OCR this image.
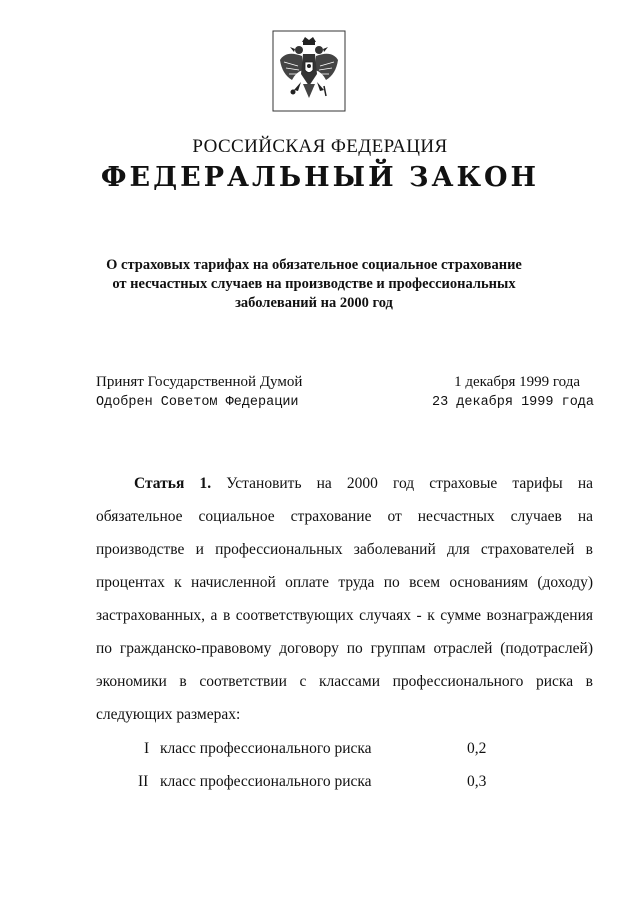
РОССИЙСКАЯ ФЕДЕРАЦИЯ
ФЕДЕРАЛЬНЫЙ ЗАКОН
О страховых тарифах на обязательное социальное страхование
от несчастных случаев на производстве и профессиональных
заболеваний на 2000 год
Принят Государственной Думой	1 декабря 1999 года
Одобрен Советом Федерации	23 декабря 1999 года
Статья 1. Установить на 2000 год страховые тарифы на
обязательное социальное страхование от несчастных случаев на
производстве и профессиональных заболеваний для страхователей в
процентах к начисленной оплате труда по всем основаниям (доходу)
застрахованных, а в соответствующих случаях - к сумме вознаграждения
по гражданско-правовому договору по группам отраслей (подотраслей)
экономики в соответствии с классами профессионального риска в
следующих размерах:
I класс профессионального риска	0,2
II класс профессионального риска	0,3
